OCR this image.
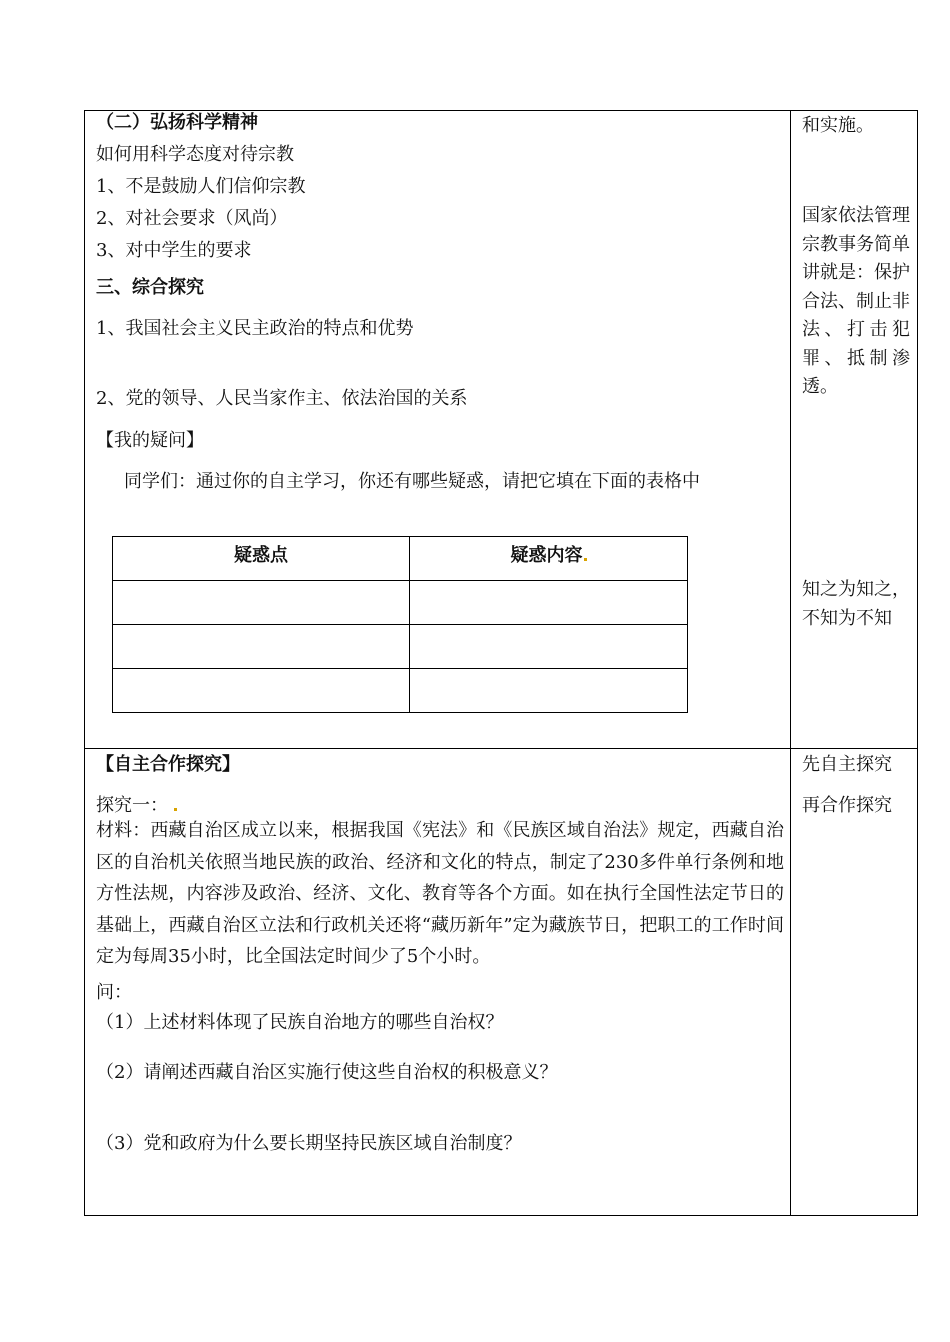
（二）弘扬科学精神
如何用科学态度对待宗教
1、不是鼓励人们信仰宗教
2、对社会要求（风尚）
3、对中学生的要求
三、综合探究
1、我国社会主义民主政治的特点和优势
2、党的领导、人民当家作主、依法治国的关系
【我的疑问】
同学们：通过你的自主学习，你还有哪些疑惑，请把它填在下面的表格中
疑惑点	疑惑内容

【自主合作探究】
探究一：
材料：西藏自治区成立以来，根据我国《宪法》和《民族区域自治法》规定，西藏自治区的自治机关依照当地民族的政治、经济和文化的特点，制定了230多件单行条例和地方性法规，内容涉及政治、经济、文化、教育等各个方面。如在执行全国性法定节日的基础上，西藏自治区立法和行政机关还将“藏历新年”定为藏族节日，把职工的工作时间定为每周35小时，比全国法定时间少了5个小时。
问：
（1）上述材料体现了民族自治地方的哪些自治权？
（2）请阐述西藏自治区实施行使这些自治权的积极意义？
（3）党和政府为什么要长期坚持民族区域自治制度？
和实施。
国家依法管理宗教事务简单讲就是：保护合法、制止非法、打击犯罪、抵制渗透。
知之为知之，不知为不知
先自主探究
再合作探究
